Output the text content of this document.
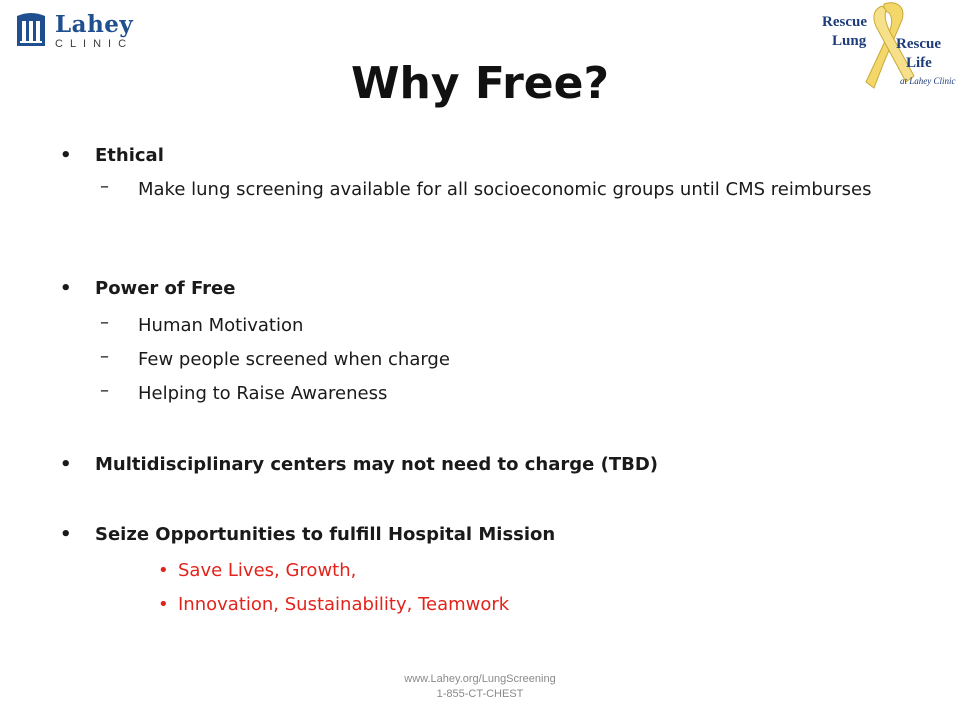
Lahey
CLINIC
Rescue
Lung Rescue
Life
at Lahey Clinic
Why Free?
• Ethical
– Make lung screening available for all socioeconomic groups until CMS reimburses
• Power of Free
– Human Motivation
– Few people screened when charge
– Helping to Raise Awareness
• Multidisciplinary centers may not need to charge (TBD)
• Seize Opportunities to fulfill Hospital Mission
• Save Lives, Growth,
• Innovation, Sustainability, Teamwork
www.Lahey.org/LungScreening
1-855-CT-CHEST
